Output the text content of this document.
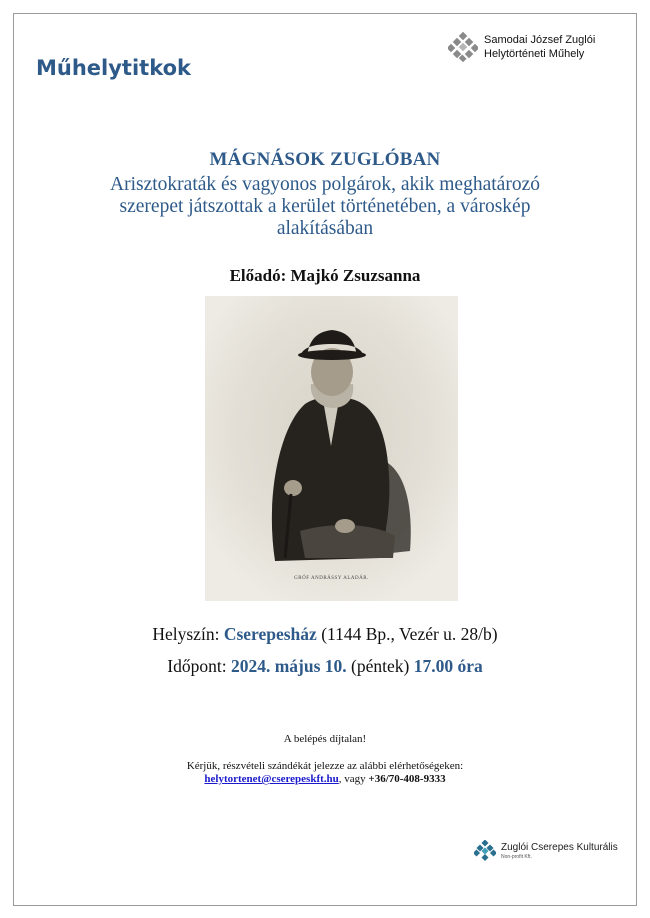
Műhelytitkok
Samodai József Zuglói
Helytörténeti Műhely
MÁGNÁSOK ZUGLÓBAN
Arisztokraták és vagyonos polgárok, akik meghatározó
szerepet játszottak a kerület történetében, a városkép
alakításában
Előadó: Majkó Zsuzsanna
GRÓF ANDRÁSSY ALADÁR.
Helyszín: Cserepesház (1144 Bp., Vezér u. 28/b)
Időpont: 2024. május 10. (péntek) 17.00 óra
A belépés díjtalan!
Kérjük, részvételi szándékát jelezze az alábbi elérhetőségeken:
helytortenet@cserepeskft.hu, vagy +36/70-408-9333
Zuglói Cserepes Kulturális
Non-profit Kft.
